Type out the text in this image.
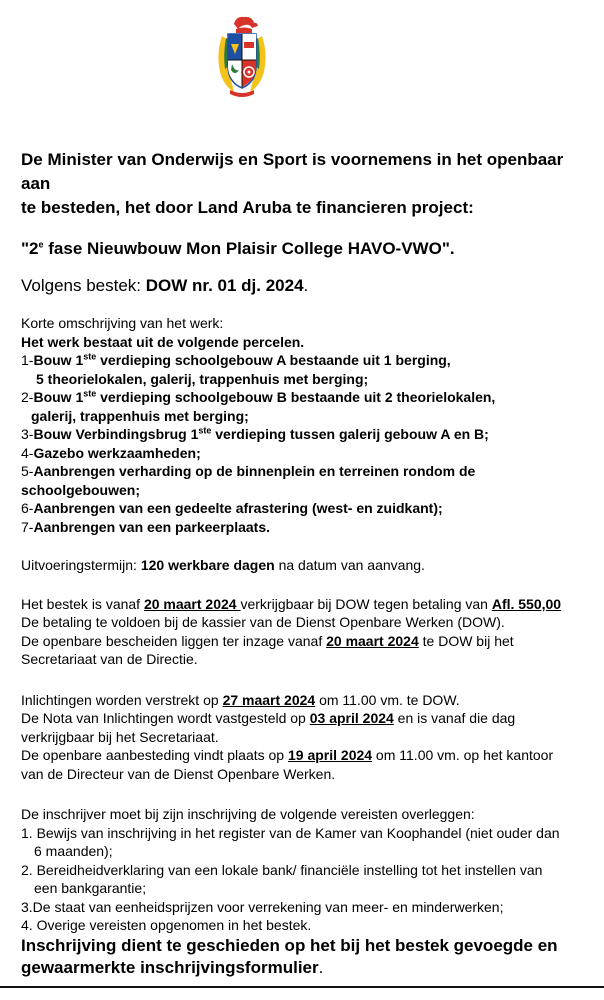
De Minister van Onderwijs en Sport is voornemens in het openbaar aan

te besteden, het door Land Aruba te financieren project:

"2e fase Nieuwbouw Mon Plaisir College HAVO-VWO".

Volgens bestek: DOW nr. 01 dj. 2024.

Korte omschrijving van het werk:

Het werk bestaat uit de volgende percelen.

1-Bouw 1ste verdieping schoolgebouw A bestaande uit 1 berging,

5 theorielokalen, galerij, trappenhuis met berging;

2-Bouw 1ste verdieping schoolgebouw B bestaande uit 2 theorielokalen,

galerij, trappenhuis met berging;

3-Bouw Verbindingsbrug 1ste verdieping tussen galerij gebouw A en B;

4-Gazebo werkzaamheden;

5-Aanbrengen verharding op de binnenplein en terreinen rondom de schoolgebouwen;

6-Aanbrengen van een gedeelte afrastering (west- en zuidkant);

7-Aanbrengen van een parkeerplaats.

Uitvoeringstermijn: 120 werkbare dagen na datum van aanvang.

Het bestek is vanaf 20 maart 2024 verkrijgbaar bij DOW tegen betaling van Afl. 550,00

De betaling te voldoen bij de kassier van de Dienst Openbare Werken (DOW).

De openbare bescheiden liggen ter inzage vanaf 20 maart 2024 te DOW bij het

Secretariaat van de Directie.

Inlichtingen worden verstrekt op 27 maart 2024 om 11.00 vm. te DOW.

De Nota van Inlichtingen wordt vastgesteld op 03 april 2024 en is vanaf die dag

verkrijgbaar bij het Secretariaat.

De openbare aanbesteding vindt plaats op 19 april 2024 om 11.00 vm. op het kantoor

van de Directeur van de Dienst Openbare Werken.

De inschrijver moet bij zijn inschrijving de volgende vereisten overleggen:

1. Bewijs van inschrijving in het register van de Kamer van Koophandel (niet ouder dan

6 maanden);

2. Bereidheidverklaring van een lokale bank/ financiële instelling tot het instellen van

een bankgarantie;

3.De staat van eenheidsprijzen voor verrekening van meer- en minderwerken;

4. Overige vereisten opgenomen in het bestek.

Inschrijving dient te geschieden op het bij het bestek gevoegde en

gewaarmerkte inschrijvingsformulier.
